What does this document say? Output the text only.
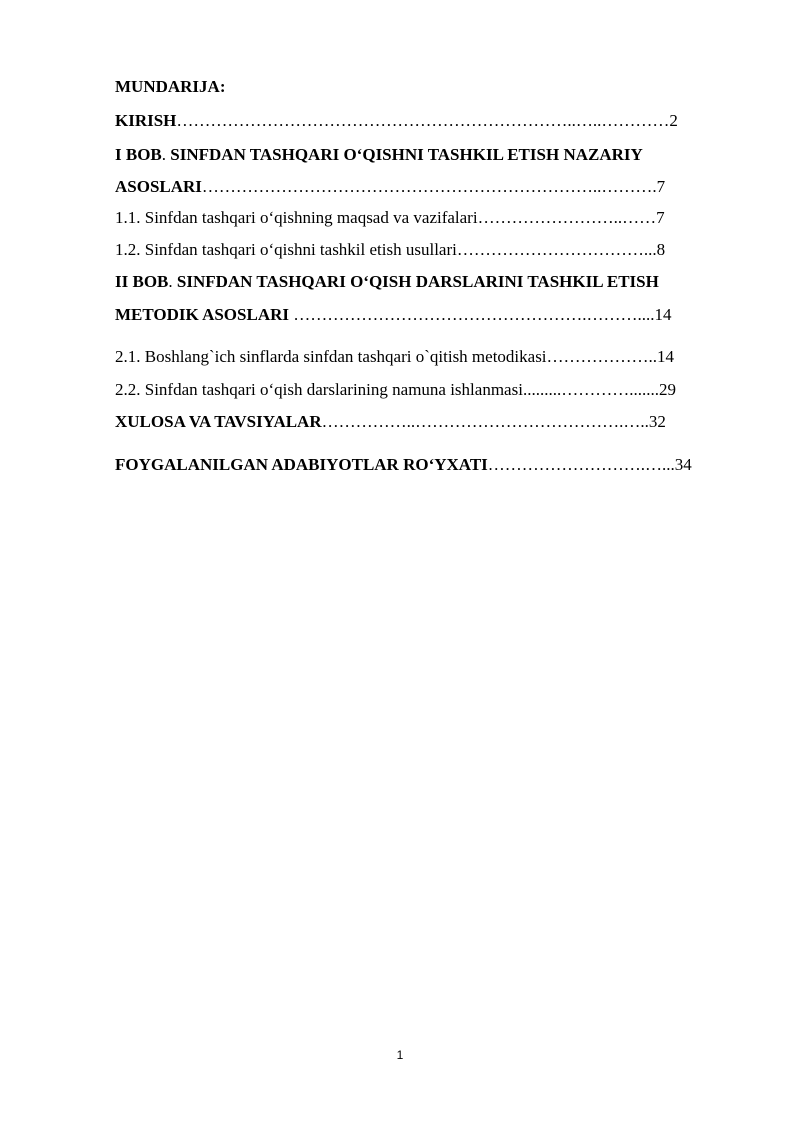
MUNDARIJA:
KIRISH……………………………………………………………..…..…………2
I BOB. SINFDAN TASHQARI O‘QISHNI TASHKIL ETISH NAZARIY
ASOSLARI……………………………………………………………..……….7
1.1. Sinfdan tashqari o‘qishning maqsad va vazifalari……………………..……7
1.2. Sinfdan tashqari o‘qishni tashkil etish usullari……………………………...8
II BOB. SINFDAN TASHQARI O‘QISH DARSLARINI TASHKIL ETISH
METODIK ASOSLARI …………………………………………….………....14
2.1. Boshlang`ich sinflarda sinfdan tashqari o`qitish metodikasi………………..14
2.2. Sinfdan tashqari o‘qish darslarining namuna ishlanmasi.........………….......29
XULOSA VA TAVSIYALAR……………..……………………………….…..32
FOYGALANILGAN ADABIYOTLAR RO‘YXATI……………………….…...34
1
